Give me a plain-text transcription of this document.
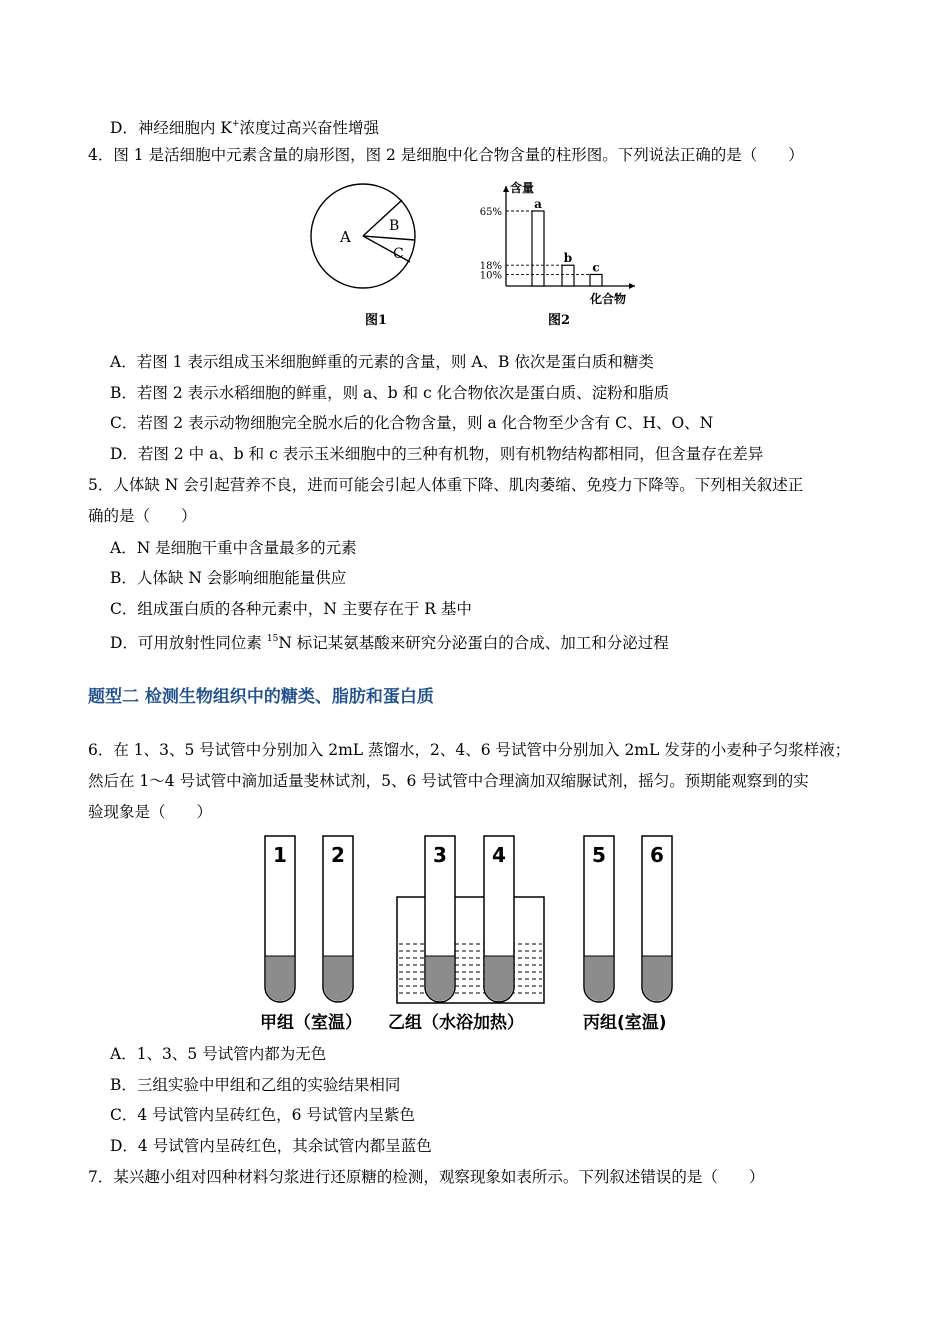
D．神经细胞内 K+浓度过高兴奋性增强
4．图 1 是活细胞中元素含量的扇形图，图 2 是细胞中化合物含量的柱形图。下列说法正确的是（　　）
A
B
C
图1
含量
化合物
65%
a
18%
b
10%
c
图2
A．若图 1 表示组成玉米细胞鲜重的元素的含量，则 A、B 依次是蛋白质和糖类
B．若图 2 表示水稻细胞的鲜重，则 a、b 和 c 化合物依次是蛋白质、淀粉和脂质
C．若图 2 表示动物细胞完全脱水后的化合物含量，则 a 化合物至少含有 C、H、O、N
D．若图 2 中 a、b 和 c 表示玉米细胞中的三种有机物，则有机物结构都相同，但含量存在差异
5．人体缺 N 会引起营养不良，进而可能会引起人体重下降、肌肉萎缩、免疫力下降等。下列相关叙述正
确的是（　　）
A．N 是细胞干重中含量最多的元素
B．人体缺 N 会影响细胞能量供应
C．组成蛋白质的各种元素中，N 主要存在于 R 基中
D．可用放射性同位素 $^{15}$N 标记某氨基酸来研究分泌蛋白的合成、加工和分泌过程
题型二 检测生物组织中的糖类、脂肪和蛋白质
6．在 1、3、5 号试管中分别加入 2mL 蒸馏水，2、4、6 号试管中分别加入 2mL 发芽的小麦种子匀浆样液；
然后在 1～4 号试管中滴加适量斐林试剂，5、6 号试管中合理滴加双缩脲试剂，摇匀。预期能观察到的实
验现象是（　　）
1 2	3 4	5 6
甲组（室温） 乙组（水浴加热）	丙组(室温)
A．1、3、5 号试管内都为无色
B．三组实验中甲组和乙组的实验结果相同
C．4 号试管内呈砖红色，6 号试管内呈紫色
D．4 号试管内呈砖红色，其余试管内都呈蓝色
7．某兴趣小组对四种材料匀浆进行还原糖的检测，观察现象如表所示。下列叙述错误的是（　　）
